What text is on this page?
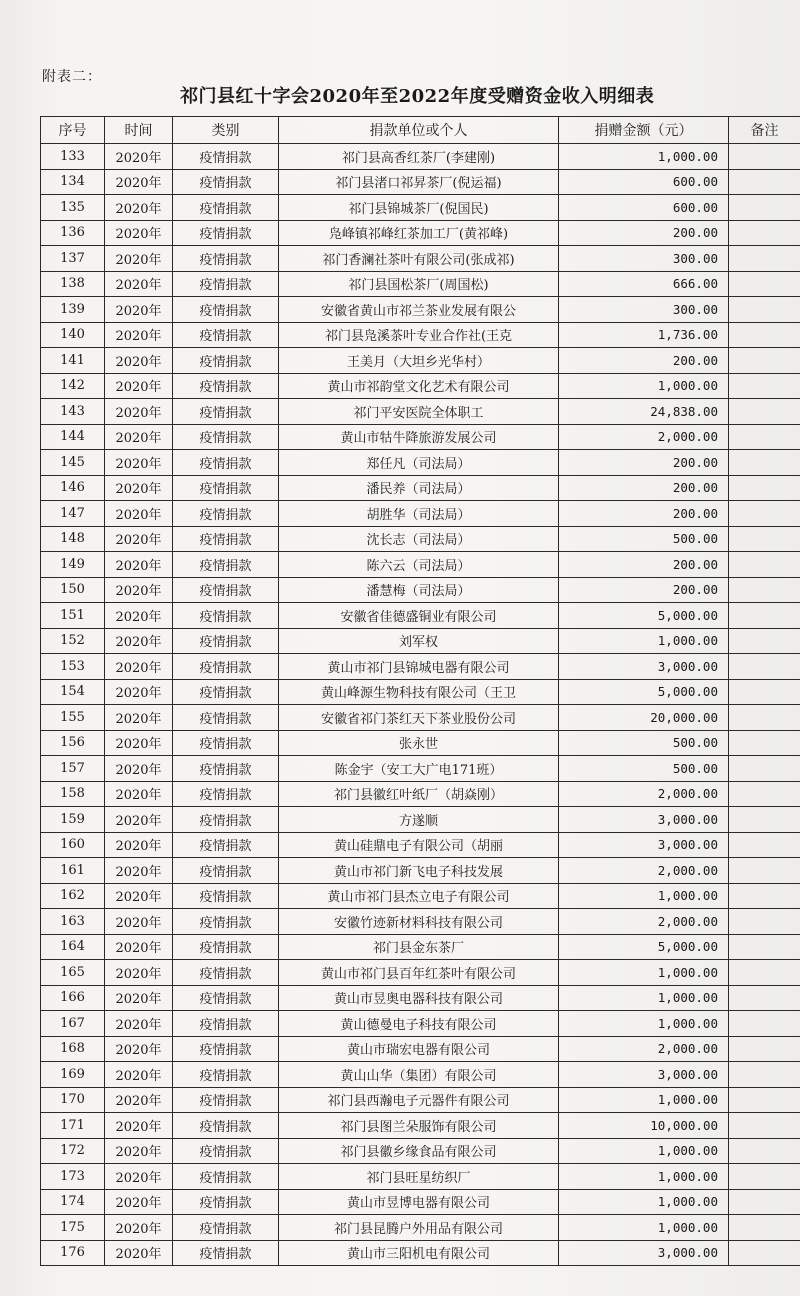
附表二：
祁门县红十字会2020年至2022年度受赠资金收入明细表
序号	时间	类别	捐款单位或个人	捐赠金额（元）	备注
133	2020年	疫情捐款	祁门县高香红茶厂(李建刚)	1,000.00	
134	2020年	疫情捐款	祁门县渚口祁昇茶厂(倪运福)	600.00	
135	2020年	疫情捐款	祁门县锦城茶厂(倪国民)	600.00	
136	2020年	疫情捐款	凫峰镇祁峰红茶加工厂(黄祁峰)	200.00	
137	2020年	疫情捐款	祁门香澜社茶叶有限公司(张成祁)	300.00	
138	2020年	疫情捐款	祁门县国松茶厂(周国松)	666.00	
139	2020年	疫情捐款	安徽省黄山市祁兰茶业发展有限公	300.00	
140	2020年	疫情捐款	祁门县凫溪茶叶专业合作社(王克	1,736.00	
141	2020年	疫情捐款	王美月（大坦乡光华村）	200.00	
142	2020年	疫情捐款	黄山市祁韵堂文化艺术有限公司	1,000.00	
143	2020年	疫情捐款	祁门平安医院全体职工	24,838.00	
144	2020年	疫情捐款	黄山市牯牛降旅游发展公司	2,000.00	
145	2020年	疫情捐款	郑任凡（司法局）	200.00	
146	2020年	疫情捐款	潘民养（司法局）	200.00	
147	2020年	疫情捐款	胡胜华（司法局）	200.00	
148	2020年	疫情捐款	沈长志（司法局）	500.00	
149	2020年	疫情捐款	陈六云（司法局）	200.00	
150	2020年	疫情捐款	潘慧梅（司法局）	200.00	
151	2020年	疫情捐款	安徽省佳德盛铜业有限公司	5,000.00	
152	2020年	疫情捐款	刘军权	1,000.00	
153	2020年	疫情捐款	黄山市祁门县锦城电器有限公司	3,000.00	
154	2020年	疫情捐款	黄山峰源生物科技有限公司（王卫	5,000.00	
155	2020年	疫情捐款	安徽省祁门茶红天下茶业股份公司	20,000.00	
156	2020年	疫情捐款	张永世	500.00	
157	2020年	疫情捐款	陈金宇（安工大广电171班）	500.00	
158	2020年	疫情捐款	祁门县徽红叶纸厂（胡焱刚）	2,000.00	
159	2020年	疫情捐款	方遂顺	3,000.00	
160	2020年	疫情捐款	黄山硅鼎电子有限公司（胡丽	3,000.00	
161	2020年	疫情捐款	黄山市祁门新飞电子科技发展	2,000.00	
162	2020年	疫情捐款	黄山市祁门县杰立电子有限公司	1,000.00	
163	2020年	疫情捐款	安徽竹迹新材料科技有限公司	2,000.00	
164	2020年	疫情捐款	祁门县金东茶厂	5,000.00	
165	2020年	疫情捐款	黄山市祁门县百年红茶叶有限公司	1,000.00	
166	2020年	疫情捐款	黄山市昱奥电器科技有限公司	1,000.00	
167	2020年	疫情捐款	黄山德曼电子科技有限公司	1,000.00	
168	2020年	疫情捐款	黄山市瑞宏电器有限公司	2,000.00	
169	2020年	疫情捐款	黄山山华（集团）有限公司	3,000.00	
170	2020年	疫情捐款	祁门县西瀚电子元器件有限公司	1,000.00	
171	2020年	疫情捐款	祁门县图兰朵服饰有限公司	10,000.00	
172	2020年	疫情捐款	祁门县徽乡缘食品有限公司	1,000.00	
173	2020年	疫情捐款	祁门县旺星纺织厂	1,000.00	
174	2020年	疫情捐款	黄山市昱博电器有限公司	1,000.00	
175	2020年	疫情捐款	祁门县昆腾户外用品有限公司	1,000.00	
176	2020年	疫情捐款	黄山市三阳机电有限公司	3,000.00	
